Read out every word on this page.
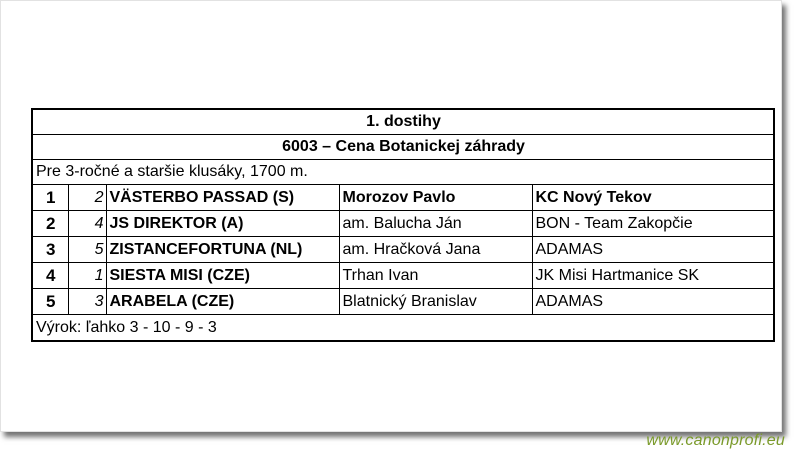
1. dostihy				
6003 – Cena Botanickej záhrady				
Pre 3-ročné a staršie klusáky, 1700 m.				
1	2	VÄSTERBO PASSAD (S)	Morozov Pavlo	KC Nový Tekov
2	4	JS DIREKTOR (A)	am. Balucha Ján	BON - Team Zakopčie
3	5	ZISTANCEFORTUNA (NL)	am. Hračková Jana	ADAMAS
4	1	SIESTA MISI (CZE)	Trhan Ivan	JK Misi Hartmanice SK
5	3	ARABELA (CZE)	Blatnický Branislav	ADAMAS
Výrok: ľahko 3 - 10 - 9 - 3				
www.canonprofi.eu
